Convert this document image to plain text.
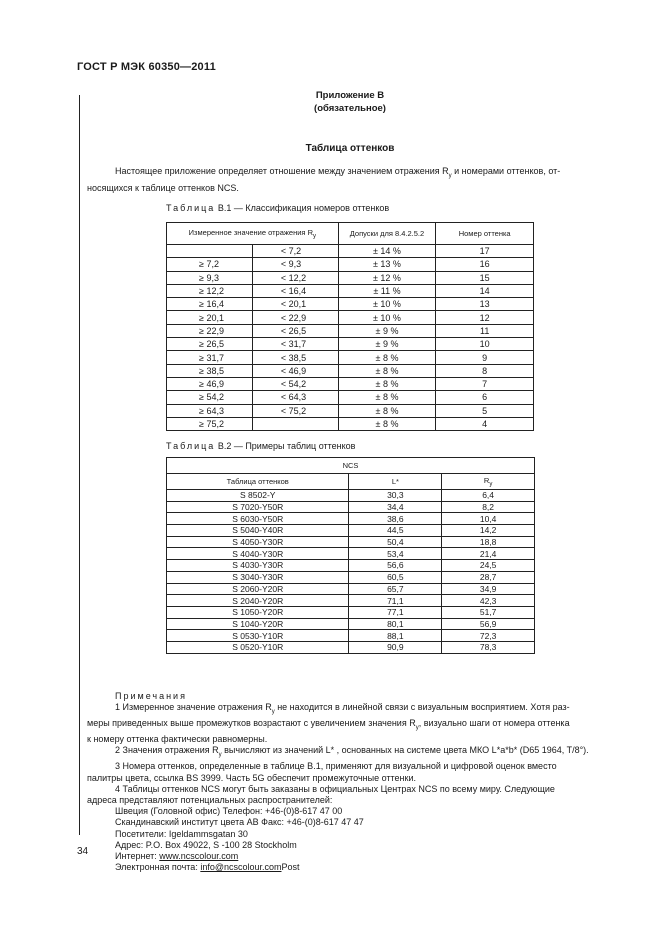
ГОСТ Р МЭК 60350—2011
Приложение В
(обязательное)
Таблица оттенков
Настоящее приложение определяет отношение между значением отражения $R_y$ и номерами оттенков, от-
носящихся к таблице оттенков NCS.
Таблица В.1 — Классификация номеров оттенков
Измеренное значение отражения $R_y$		Допуски для 8.4.2.5.2	Номер оттенка
	< 7,2	± 14 %	17
≥ 7,2	< 9,3	± 13 %	16
≥ 9,3	< 12,2	± 12 %	15
≥ 12,2	< 16,4	± 11 %	14
≥ 16,4	< 20,1	± 10 %	13
≥ 20,1	< 22,9	± 10 %	12
≥ 22,9	< 26,5	± 9 %	11
≥ 26,5	< 31,7	± 9 %	10
≥ 31,7	< 38,5	± 8 %	9
≥ 38,5	< 46,9	± 8 %	8
≥ 46,9	< 54,2	± 8 %	7
≥ 54,2	< 64,3	± 8 %	6
≥ 64,3	< 75,2	± 8 %	5
≥ 75,2		± 8 %	4
Таблица В.2 — Примеры таблиц оттенков
NCS		
Таблица оттенков	L*	$R_y$
S 8502-Y	30,3	6,4
S 7020-Y50R	34,4	8,2
S 6030-Y50R	38,6	10,4
S 5040-Y40R	44,5	14,2
S 4050-Y30R	50,4	18,8
S 4040-Y30R	53,4	21,4
S 4030-Y30R	56,6	24,5
S 3040-Y30R	60,5	28,7
S 2060-Y20R	65,7	34,9
S 2040-Y20R	71,1	42,3
S 1050-Y20R	77,1	51,7
S 1040-Y20R	80,1	56,9
S 0530-Y10R	88,1	72,3
S 0520-Y10R	90,9	78,3

Примечания

1 Измеренное значение отражения $R_y$ не находится в линейной связи с визуальным восприятием. Хотя раз-

меры приведенных выше промежутков возрастают с увеличением значения $R_y$, визуально шаги от номера оттенка

к номеру оттенка фактически равномерны.

2 Значения отражения $R_y$ вычисляют из значений L* , основанных на системе цвета МКО L*a*b* (D65 1964, T/8°).

3 Номера оттенков, определенные в таблице В.1, применяют для визуальной и цифровой оценок вместо

палитры цвета, ссылка BS 3999. Часть 5G обеспечит промежуточные оттенки.

4 Таблицы оттенков NCS могут быть заказаны в официальных Центрах NCS по всему миру. Следующие

адреса представляют потенциальных распространителей:

Швеция (Головной офис) Телефон: +46-(0)8-617 47 00

Скандинавский институт цвета АВ Факс: +46-(0)8-617 47 47

Посетители: Igeldammsgatan 30

Адрес: P.O. Box 49022, S -100 28 Stockholm

Интернет: www.ncscolour.com

Электронная почта: info@ncscolour.comPost

34
